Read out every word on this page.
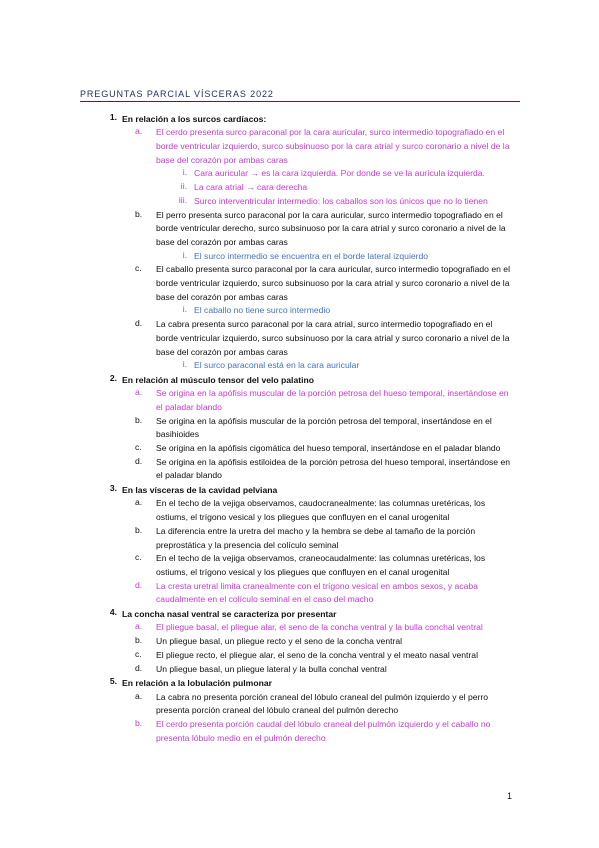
PREGUNTAS PARCIAL VÍSCERAS 2022
1. En relación a los surcos cardíacos:
a. El cerdo presenta surco paraconal por la cara auricular, surco intermedio topografiado en el borde ventricular izquierdo, surco subsinuoso por la cara atrial y surco coronario a nivel de la base del corazón por ambas caras
i. Cara auricular → es la cara izquierda. Por donde se ve la aurícula izquierda.
ii. La cara atrial → cara derecha
iii. Surco interventricular intermedio: los caballos son los únicos que no lo tienen
b. El perro presenta surco paraconal por la cara auricular, surco intermedio topografiado en el borde ventricular derecho, surco subsinuoso por la cara atrial y surco coronario a nivel de la base del corazón por ambas caras
i. El surco intermedio se encuentra en el borde lateral izquierdo
c. El caballo presenta surco paraconal por la cara auricular, surco intermedio topografiado en el borde ventricular izquierdo, surco subsinuoso por la cara atrial y surco coronario a nivel de la base del corazón por ambas caras
i. El caballo no tiene surco intermedio
d. La cabra presenta surco paraconal por la cara atrial, surco intermedio topografiado en el borde ventricular izquierdo, surco subsinuoso por la cara atrial y surco coronario a nivel de la base del corazón por ambas caras
i. El surco paraconal está en la cara auricular
2. En relación al músculo tensor del velo palatino
a. Se origina en la apófisis muscular de la porción petrosa del hueso temporal, insertándose en el paladar blando
b. Se origina en la apófisis muscular de la porción petrosa del temporal, insertándose en el basihioides
c. Se origina en la apófisis cigomática del hueso temporal, insertándose en el paladar blando
d. Se origina en la apófisis estiloidea de la porción petrosa del hueso temporal, insertándose en el paladar blando
3. En las vísceras de la cavidad pelviana
a. En el techo de la vejiga observamos, caudocranealmente: las columnas uretéricas, los ostiums, el trígono vesical y los pliegues que confluyen en el canal urogenital
b. La diferencia entre la uretra del macho y la hembra se debe al tamaño de la porción preprostática y la presencia del colículo seminal
c. En el techo de la vejiga observamos, craneocaudalmente: las columnas uretéricas, los ostiums, el trígono vesical y los pliegues que confluyen en el canal urogenital
d. La cresta uretral limita cranealmente con el trígono vesical en ambos sexos, y acaba caudalmente en el colículo seminal en el caso del macho
4. La concha nasal ventral se caracteriza por presentar
a. El pliegue basal, el pliegue alar, el seno de la concha ventral y la bulla conchal ventral
b. Un pliegue basal, un pliegue recto y el seno de la concha ventral
c. El pliegue recto, el pliegue alar, el seno de la concha ventral y el meato nasal ventral
d. Un pliegue basal, un pliegue lateral y la bulla conchal ventral
5. En relación a la lobulación pulmonar
a. La cabra no presenta porción craneal del lóbulo craneal del pulmón izquierdo y el perro presenta porción craneal del lóbulo craneal del pulmón derecho
b. El cerdo presenta porción caudal del lóbulo craneal del pulmón izquierdo y el caballo no presenta lóbulo medio en el pulmón derecho
1
